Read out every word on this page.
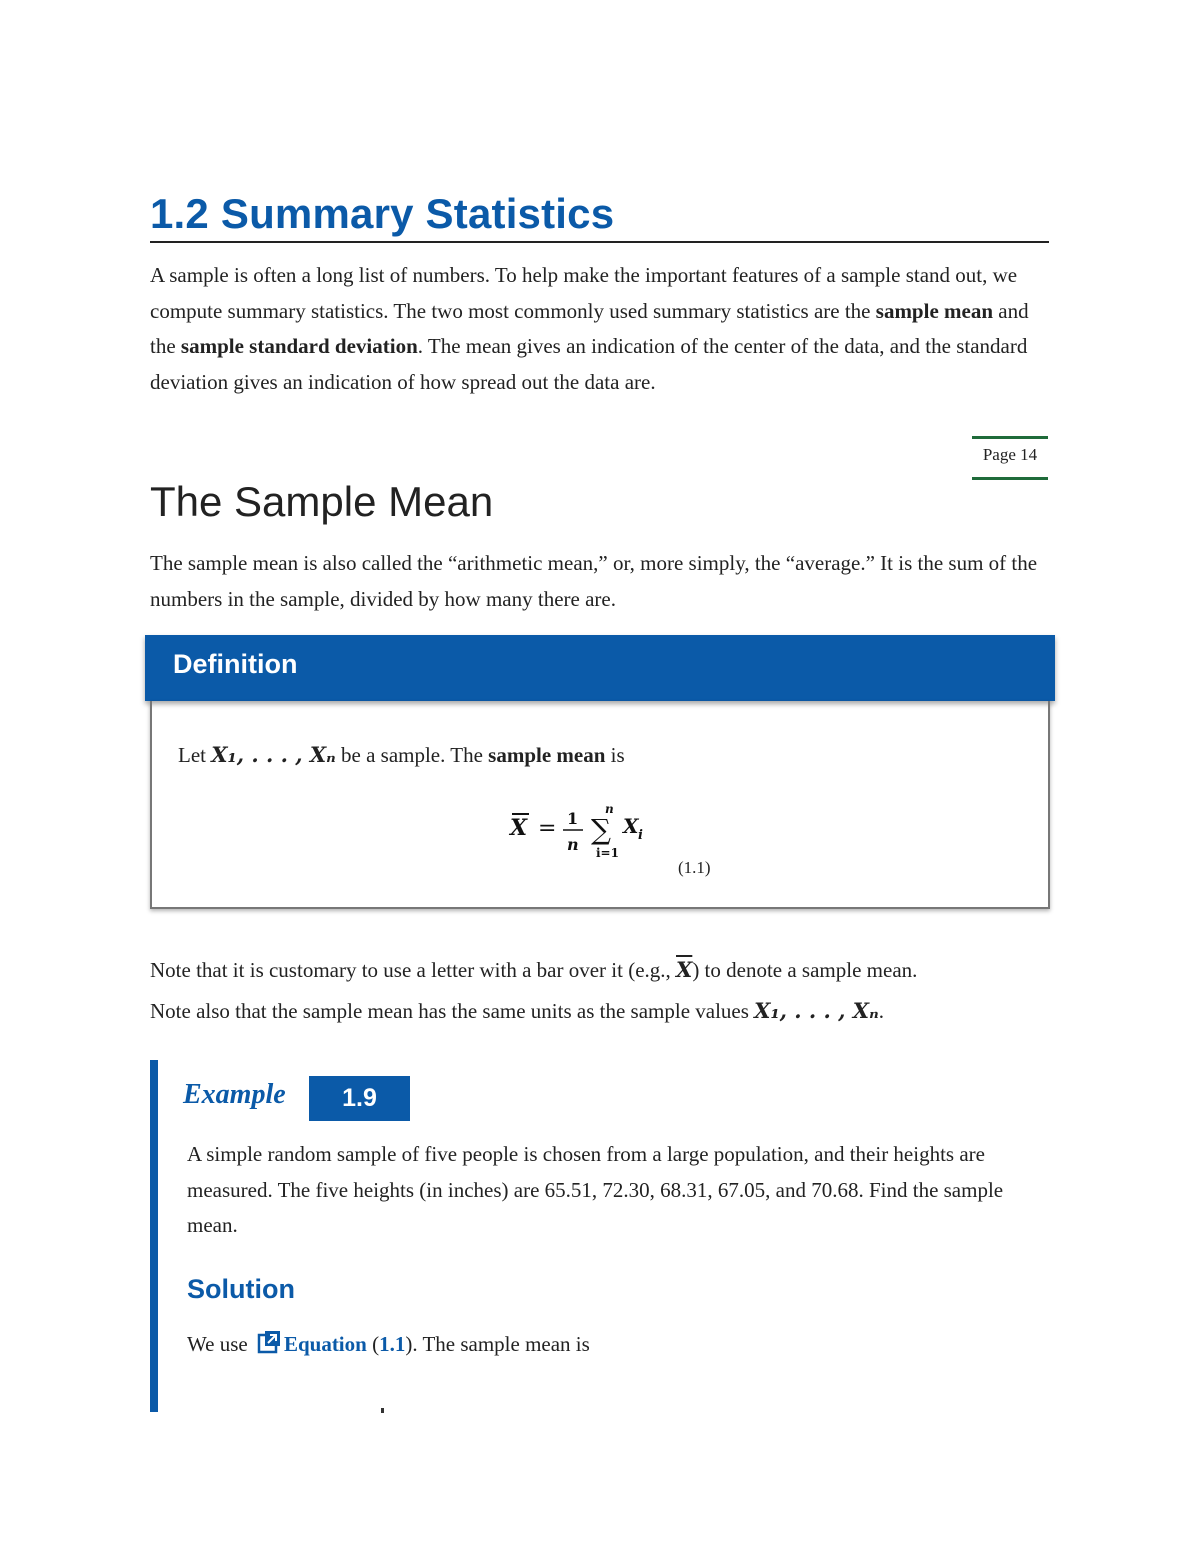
1.2 Summary Statistics

A sample is often a long list of numbers. To help make the important features of a sample stand out, we compute summary statistics. The two most commonly used summary statistics are the sample mean and the sample standard deviation. The mean gives an indication of the center of the data, and the standard deviation gives an indication of how spread out the data are.

Page 14
The Sample Mean

The sample mean is also called the “arithmetic mean,” or, more simply, the “average.” It is the sum of the numbers in the sample, divided by how many there are.

Definition
Let X₁, . . . , Xₙ be a sample. The sample mean is
X = 1
n
n
∑
i=1
X i
(1.1)
Note that it is customary to use a letter with a bar over it (e.g., $\overline{X}$) to denote a sample mean.
Note also that the sample mean has the same units as the sample values X₁, . . . , Xₙ.
Example	1.9

A simple random sample of five people is chosen from a large population, and their heights are measured. The five heights (in inches) are 65.51, 72.30, 68.31, 67.05, and 70.68. Find the sample mean.

Solution
We use Equation (1.1). The sample mean is
